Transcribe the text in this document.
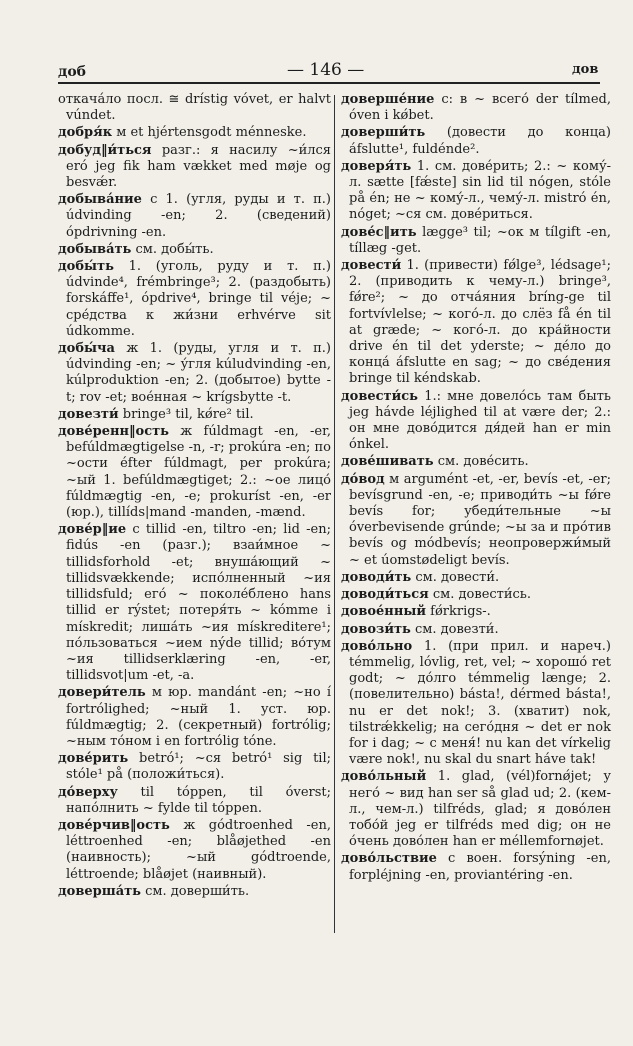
доб	— 146 —	дов
откача́ло посл. ≅ drístig vóvet, er halvt vúndet.
добря́к м et hjértensgodt ménneske.
добуд‖и́ться разг.: я насилу ~и́лся eró jeg fik ham vækket med møje og besvǽr.
добыва́ние с 1. (угля, руды и т. п.) údvinding -en; 2. (сведений) ópdrivning -en.
добыва́ть см. добы́ть.
добы́ть 1. (уголь, руду и т. п.) údvinde⁴, frémbringe³; 2. (раздобыть) forskáffe¹, ópdrive⁴, bringe til véje; ~ сре́дства к жи́зни erhvérve sit údkomme.
добы́ча ж 1. (руды, угля и т. п.) údvinding -en; ~ у́гля kúludvinding -en, kúlproduktion -en; 2. (добытое) bytte -t; rov -et; вое́нная ~ krígsbytte -t.
довезти́ bringe³ til, kǿre² til.
дове́ренн‖ость ж fúldmagt -en, -er, befúldmægtigelse -n, -r; prokúra -en; по ~ости éfter fúldmagt, per prokúra; ~ый 1. befúldmægtiget; 2.: ~ое лицо́ fúldmægtig -en, -e; prokuríst -en, -er (юр.), tillíds|mand -manden, -mænd.
дове́р‖ие с tillid -en, tiltro -en; lid -en; fidús -en (разг.); взаи́мное ~ tillidsforhold -et; внуша́ющий ~ tillidsvækkende; испо́лненный ~ия tillidsfuld; его́ ~ поколе́блено hans tillid er rýstet; потеря́ть ~ kómme i mískredit; лиша́ть ~ия mískreditere¹; по́льзоваться ~ием nýde tillid; во́тум ~ия tillidserklæring -en, -er, tillidsvot|um -et, -a.
довери́тель м юр. mandánt -en; ~но í fortrólighed; ~ный 1. уст. юр. fúldmægtig; 2. (секретный) fortrólig; ~ным то́ном i en fortrólig tóne.
дове́рить betró¹; ~ся betró¹ sig til; stóle¹ på (положи́ться).
до́верху til tóppen, til óverst; напо́лнить ~ fylde til tóppen.
дове́рчив‖ость ж gódtroenhed -en, léttroenhed -en; blåøjethed -en (наивность); ~ый gódtroende, léttroende; blåøjet (наивный).
доверша́ть см. доверши́ть.
доверше́ние с: в ~ всего́ der tílmed, óven i kǿbet.
доверши́ть (довести до конца) áfslutte¹, fuldénde².
доверя́ть 1. см. дове́рить; 2.: ~ кому́-л. sætte [fǽste] sin lid til nógen, stóle på én; не ~ кому́-л., чему́-л. mistró én, nóget; ~ся см. дове́риться.
дове́с‖ить lægge³ til; ~ок м tílgift -en, tíllæg -get.
довести́ 1. (привести) fǿlge³, lédsage¹; 2. (приводить к чему-л.) bringe³, fǿre²; ~ до отча́яния bríng-ge til fortvívlelse; ~ кого́-л. до слёз få én til at græde; ~ кого́-л. до кра́йности drive én til det yderste; ~ де́ло до конца́ áfslutte en sag; ~ до све́дения bringe til kéndskab.
довести́сь 1.: мне довело́сь там быть jeg hávde léjlighed til at være der; 2.: он мне дово́дится дя́дей han er min ónkel.
дове́шивать см. дове́сить.
до́вод м argumént -et, -er, bevís -et, -er; bevísgrund -en, -e; приводи́ть ~ы fǿre bevís for; убеди́тельные ~ы óverbevisende grúnde; ~ы за и про́тив bevís og módbevís; неопровержи́мый ~ et úomstødeligt bevís.
доводи́ть см. довести́.
доводи́ться см. довести́сь.
довое́нный fǿrkrigs-.
довози́ть см. довезти́.
дово́льно 1. (при прил. и нареч.) témmelig, lóvlig, ret, vel; ~ хорошо́ ret godt; ~ до́лго témmelig længe; 2. (повелительно) bástа!, dérmed bástа!, nu er det nok!; 3. (хватит) nok, tilstrǽkkelig; на сего́дня ~ det er nok for i dag; ~ с меня́! nu kan det vírkelig være nok!, nu skal du snart háve tak!
дово́льный 1. glad, (vél)fornǿjet; у него́ ~ вид han ser så glad ud; 2. (кем-л., чем-л.) tilfréds, glad; я дово́лен тобо́й jeg er tilfréds med dig; он не о́чень дово́лен han er méllemfornøjet.
дово́льствие с воен. forsýning -en, forpléjning -en, proviantéring -en.
